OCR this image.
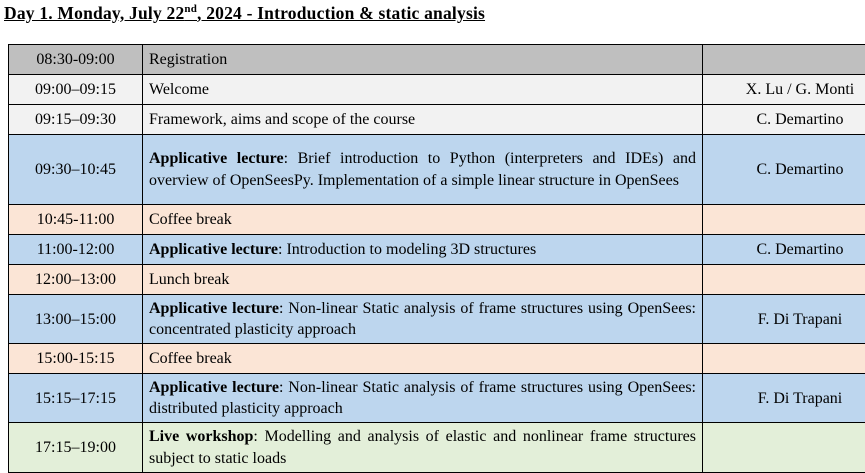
Day 1. Monday, July 22nd, 2024 - Introduction & static analysis
08:30-09:00	Registration	
09:00–09:15	Welcome	X. Lu / G. Monti
09:15–09:30	Framework, aims and scope of the course	C. Demartino
09:30–10:45	Applicative lecture: Brief introduction to Python (interpreters and IDEs) and overview of OpenSeesPy. Implementation of a simple linear structure in OpenSees	C. Demartino
10:45-11:00	Coffee break	
11:00-12:00	Applicative lecture: Introduction to modeling 3D structures	C. Demartino
12:00–13:00	Lunch break	
13:00–15:00	Applicative lecture: Non-linear Static analysis of frame structures using OpenSees: concentrated plasticity approach	F. Di Trapani
15:00-15:15	Coffee break	
15:15–17:15	Applicative lecture: Non-linear Static analysis of frame structures using OpenSees: distributed plasticity approach	F. Di Trapani
17:15–19:00	Live workshop: Modelling and analysis of elastic and nonlinear frame structures subject to static loads	
